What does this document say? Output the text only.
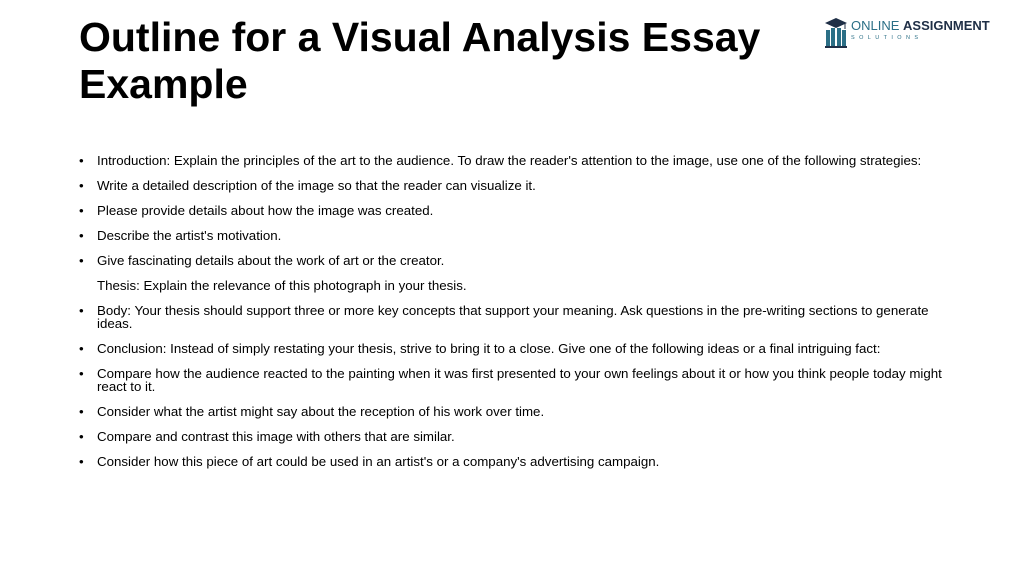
Outline for a Visual Analysis Essay Example
ONLINE ASSIGNMENT
SOLUTIONS
• Introduction: Explain the principles of the art to the audience. To draw the reader's attention to the image, use one of the following strategies:
• Write a detailed description of the image so that the reader can visualize it.
• Please provide details about how the image was created.
• Describe the artist's motivation.
• Give fascinating details about the work of art or the creator.
Thesis: Explain the relevance of this photograph in your thesis.
• Body: Your thesis should support three or more key concepts that support your meaning. Ask questions in the pre-writing sections to generate ideas.
• Conclusion: Instead of simply restating your thesis, strive to bring it to a close. Give one of the following ideas or a final intriguing fact:
• Compare how the audience reacted to the painting when it was first presented to your own feelings about it or how you think people today might react to it.
• Consider what the artist might say about the reception of his work over time.
• Compare and contrast this image with others that are similar.
• Consider how this piece of art could be used in an artist's or a company's advertising campaign.
